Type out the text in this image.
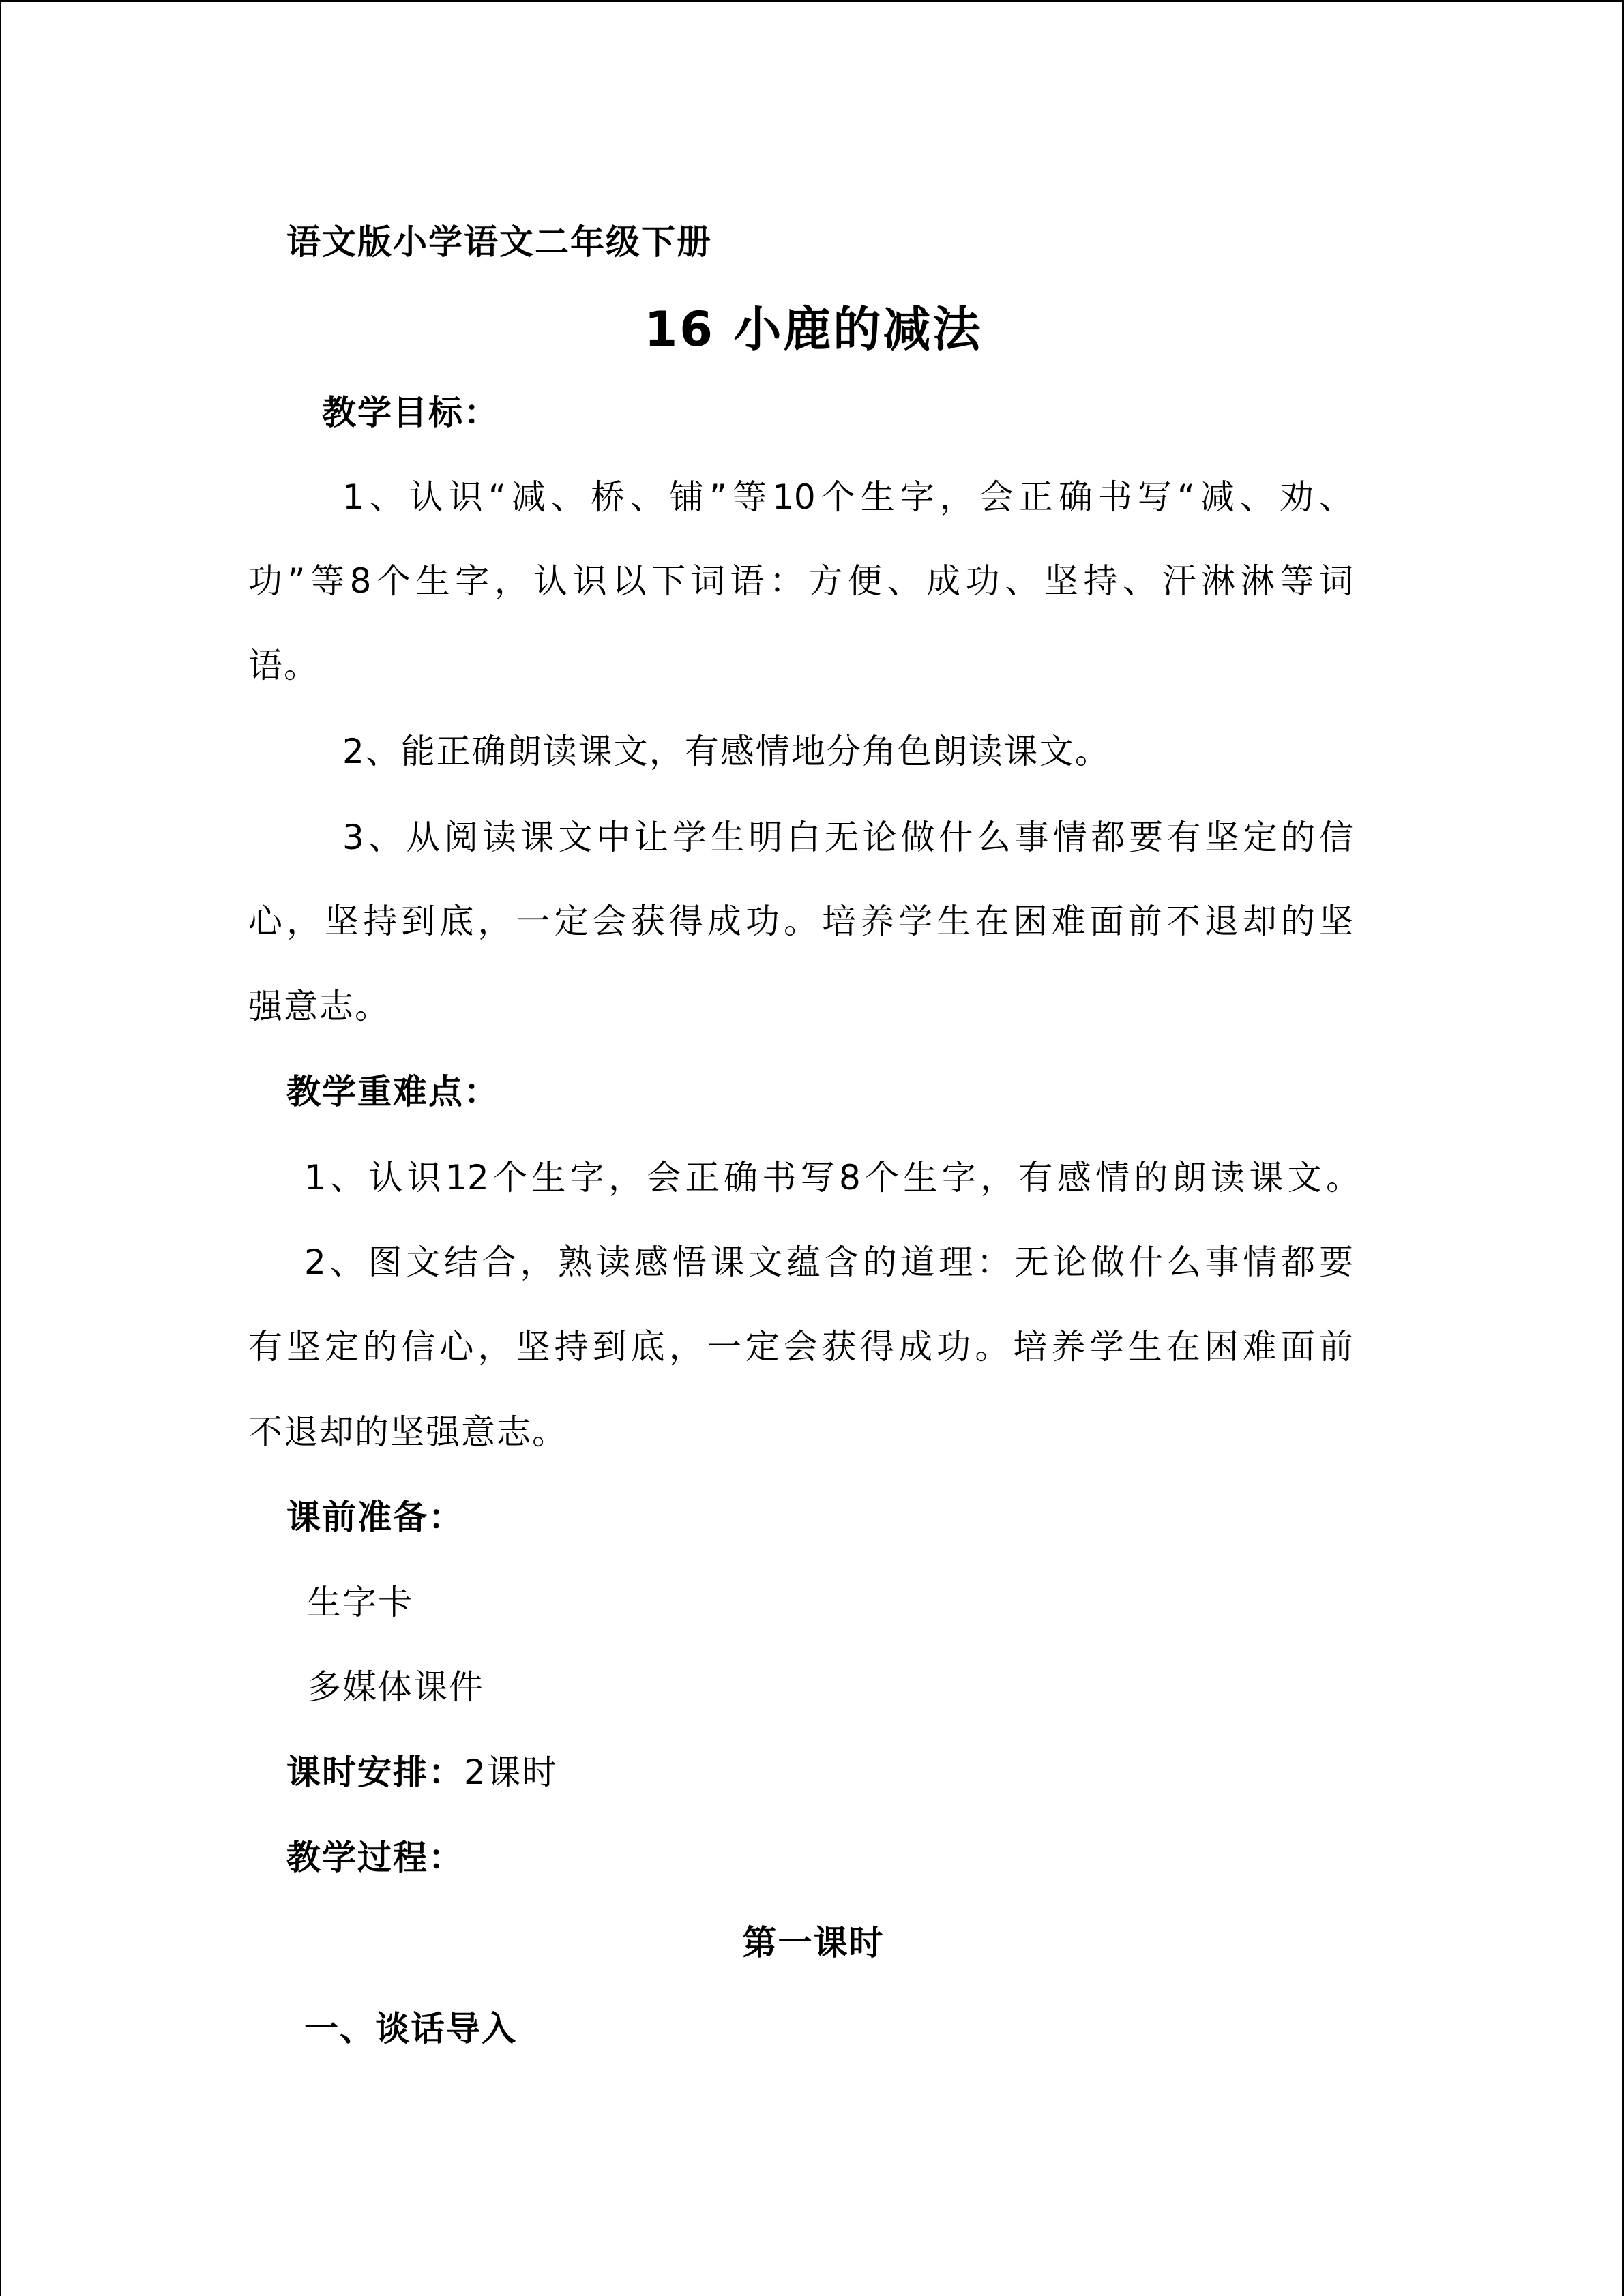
语文版小学语文二年级下册
16 小鹿的减法
教学目标：
1、认识“减、桥、铺”等10个生字，会正确书写“减、劝、
功”等8个生字，认识以下词语：方便、成功、坚持、汗淋淋等词
语。
2、能正确朗读课文，有感情地分角色朗读课文。
3、从阅读课文中让学生明白无论做什么事情都要有坚定的信
心，坚持到底，一定会获得成功。培养学生在困难面前不退却的坚
强意志。
教学重难点：
1、认识12个生字，会正确书写8个生字，有感情的朗读课文。
2、图文结合，熟读感悟课文蕴含的道理：无论做什么事情都要
有坚定的信心，坚持到底，一定会获得成功。培养学生在困难面前
不退却的坚强意志。
课前准备：
生字卡
多媒体课件
课时安排：2课时
教学过程：
第一课时
一、谈话导入
